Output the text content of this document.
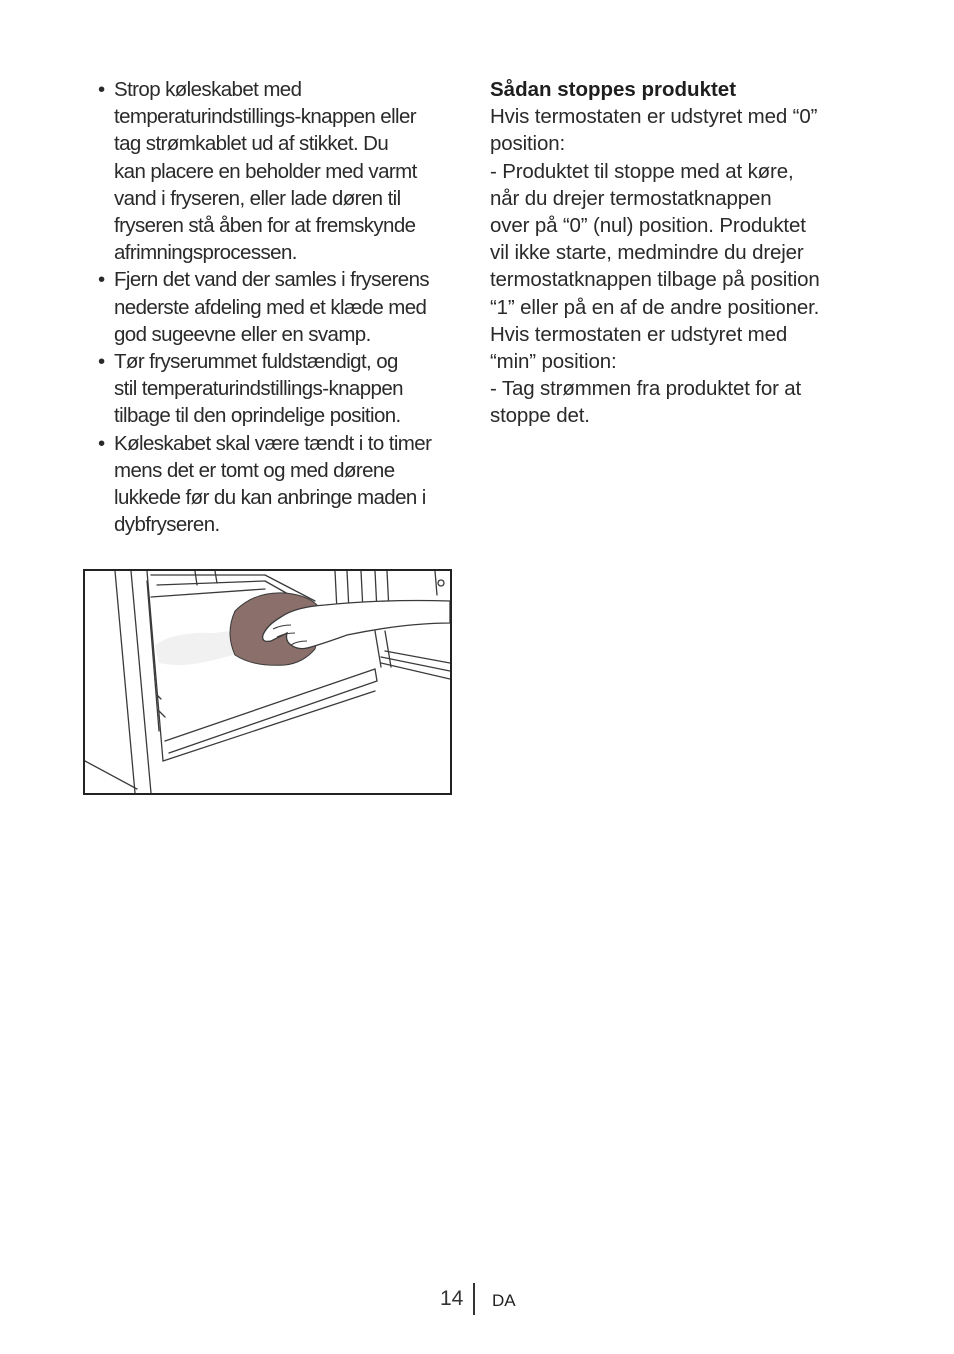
• Strop køleskabet med
temperaturindstillings-knappen eller
tag strømkablet ud af stikket. Du
kan placere en beholder med varmt
vand i fryseren, eller lade døren til
fryseren stå åben for at fremskynde
afrimningsprocessen.
• Fjern det vand der samles i fryserens
nederste afdeling med et klæde med
god sugeevne eller en svamp.
• Tør fryserummet fuldstændigt, og
stil temperaturindstillings-knappen
tilbage til den oprindelige position.
• Køleskabet skal være tændt i to timer
mens det er tomt og med dørene
lukkede før du kan anbringe maden i
dybfryseren.

Sådan stoppes produktet

Hvis termostaten er udstyret med “0”
position:
- Produktet til stoppe med at køre,
når du drejer termostatknappen
over på “0” (nul) position. Produktet
vil ikke starte, medmindre du drejer
termostatknappen tilbage på position
“1” eller på en af de andre positioner.
Hvis termostaten er udstyret med
“min” position:
- Tag strømmen fra produktet for at
stoppe det.

14 DA
